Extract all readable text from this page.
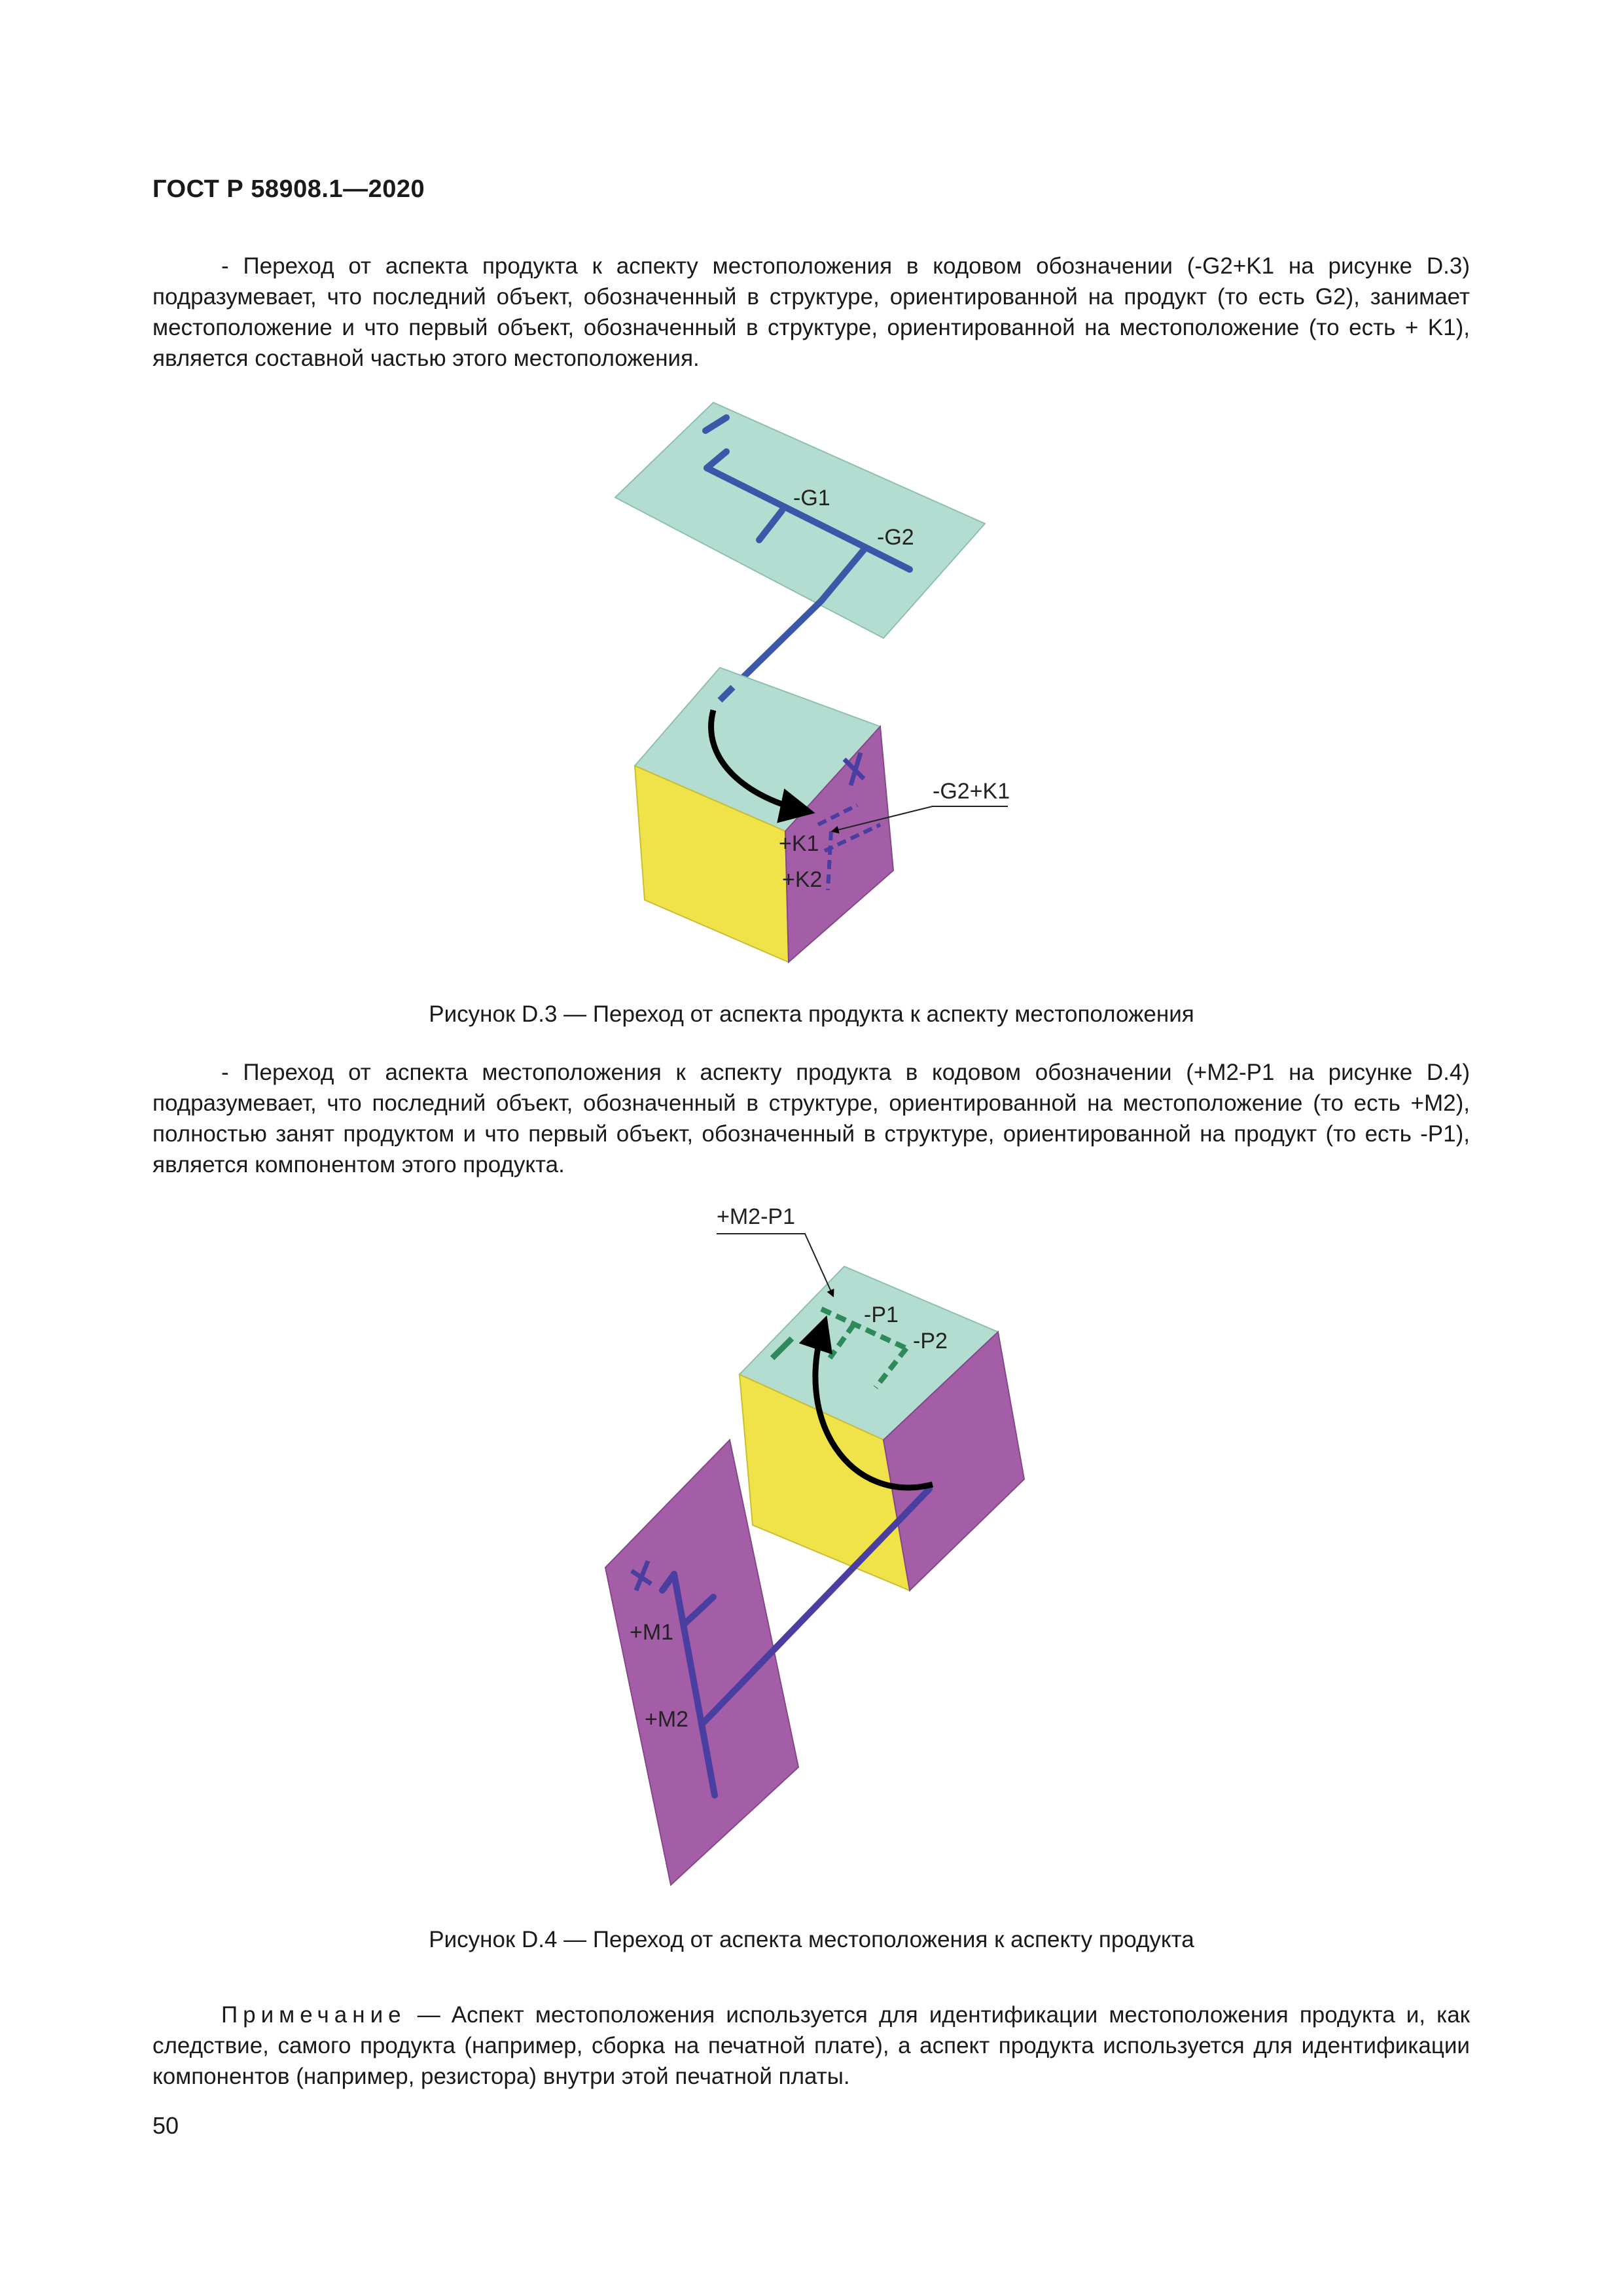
ГОСТ Р 58908.1—2020

- Переход от аспекта продукта к аспекту местоположения в кодовом обозначении (-G2+K1 на рисунке D.3) подразумевает, что последний объект, обозначенный в структуре, ориентированной на продукт (то есть G2), занимает местоположение и что первый объект, обозначенный в структуре, ориентированной на местоположение (то есть + K1), является составной частью этого местоположения.

-G1
-G2
-G2+K1
+K1
+K2

Рисунок D.3 — Переход от аспекта продукта к аспекту местоположения

- Переход от аспекта местоположения к аспекту продукта в кодовом обозначении (+M2-P1 на рисунке D.4) подразумевает, что последний объект, обозначенный в структуре, ориентированной на местоположение (то есть +M2), полностью занят продуктом и что первый объект, обозначенный в структуре, ориентированной на продукт (то есть -P1), является компонентом этого продукта.

+M2-P1
-P1
-P2
+M1
+M2

Рисунок D.4 — Переход от аспекта местоположения к аспекту продукта

Примечание — Аспект местоположения используется для идентификации местоположения продукта и, как следствие, самого продукта (например, сборка на печатной плате), а аспект продукта используется для идентификации компонентов (например, резистора) внутри этой печатной платы.

50
